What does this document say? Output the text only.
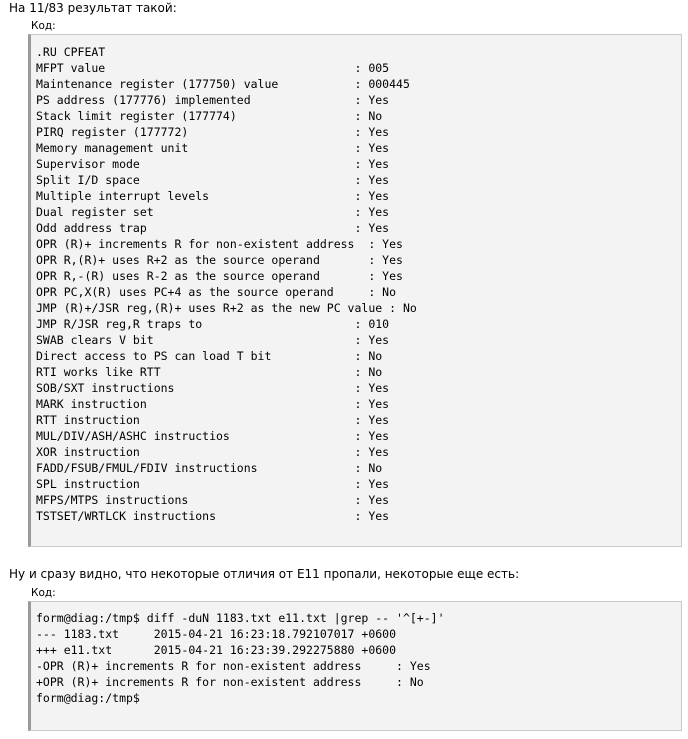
На 11/83 результат такой:
Код:
.RU CPFEAT
MFPT value                                    : 005
Maintenance register (177750) value           : 000445
PS address (177776) implemented               : Yes
Stack limit register (177774)                 : No
PIRQ register (177772)                        : Yes
Memory management unit                        : Yes
Supervisor mode                               : Yes
Split I/D space                               : Yes
Multiple interrupt levels                     : Yes
Dual register set                             : Yes
Odd address trap                              : Yes
OPR (R)+ increments R for non-existent address  : Yes
OPR R,(R)+ uses R+2 as the source operand       : Yes
OPR R,-(R) uses R-2 as the source operand       : Yes
OPR PC,X(R) uses PC+4 as the source operand     : No
JMP (R)+/JSR reg,(R)+ uses R+2 as the new PC value : No
JMP R/JSR reg,R traps to                      : 010
SWAB clears V bit                             : Yes
Direct access to PS can load T bit            : No
RTI works like RTT                            : No
SOB/SXT instructions                          : Yes
MARK instruction                              : Yes
RTT instruction                               : Yes
MUL/DIV/ASH/ASHC instructios                  : Yes
XOR instruction                               : Yes
FADD/FSUB/FMUL/FDIV instructions              : No
SPL instruction                               : Yes
MFPS/MTPS instructions                        : Yes
TSTSET/WRTLCK instructions                    : Yes
Ну и сразу видно, что некоторые отличия от Е11 пропали, некоторые еще есть:
Код:
form@diag:/tmp$ diff -duN 1183.txt e11.txt |grep -- '^[+-]'
--- 1183.txt     2015-04-21 16:23:18.792107017 +0600
+++ e11.txt      2015-04-21 16:23:39.292275880 +0600
-OPR (R)+ increments R for non-existent address     : Yes
+OPR (R)+ increments R for non-existent address     : No
form@diag:/tmp$
